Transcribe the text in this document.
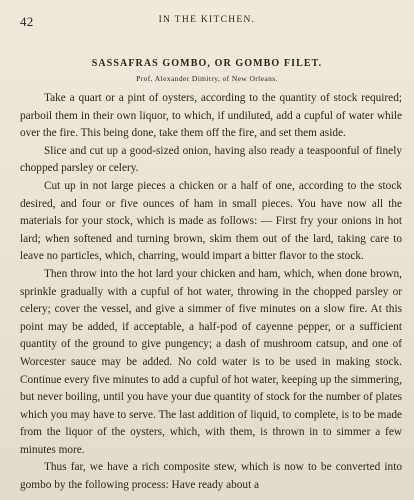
42	IN THE KITCHEN.
SASSAFRAS GOMBO, OR GOMBO FILET.
Prof. Alexander Dimitry, of New Orleans.

Take a quart or a pint of oysters, according to the quantity of stock required; parboil them in their own liquor, to which, if undiluted, add a cupful of water while over the fire. This being done, take them off the fire, and set them aside.

Slice and cut up a good-sized onion, having also ready a teaspoonful of finely chopped parsley or celery.

Cut up in not large pieces a chicken or a half of one, according to the stock desired, and four or five ounces of ham in small pieces. You have now all the materials for your stock, which is made as follows: — First fry your onions in hot lard; when softened and turning brown, skim them out of the lard, taking care to leave no particles, which, charring, would impart a bitter flavor to the stock.

Then throw into the hot lard your chicken and ham, which, when done brown, sprinkle gradually with a cupful of hot water, throwing in the chopped parsley or celery; cover the vessel, and give a simmer of five minutes on a slow fire. At this point may be added, if acceptable, a half-pod of cayenne pepper, or a sufficient quantity of the ground to give pungency; a dash of mushroom catsup, and one of Worcester sauce may be added. No cold water is to be used in making stock. Continue every five minutes to add a cupful of hot water, keeping up the simmering, but never boiling, until you have your due quantity of stock for the number of plates which you may have to serve. The last addition of liquid, to complete, is to be made from the liquor of the oysters, which, with them, is thrown in to simmer a few minutes more.

Thus far, we have a rich composite stew, which is now to be converted into gombo by the following process: Have ready about a
